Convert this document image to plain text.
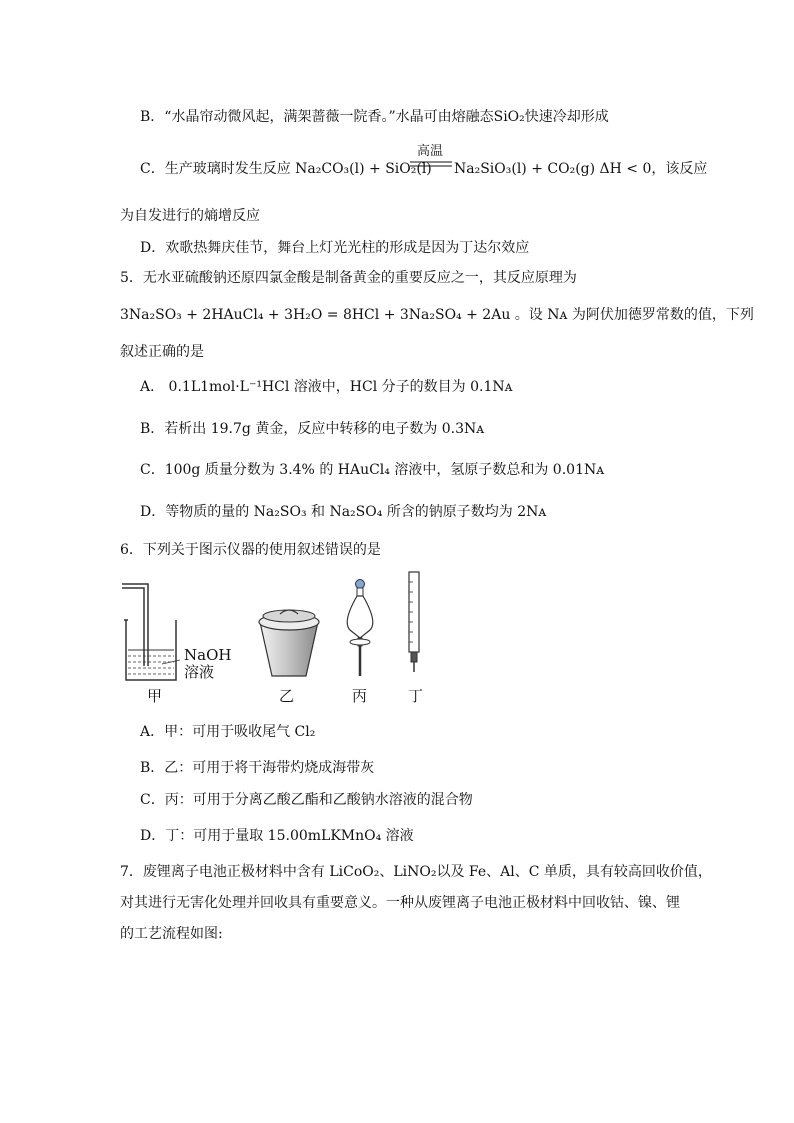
B．“水晶帘动微风起，满架蔷薇一院香。”水晶可由熔融态SiO₂快速冷却形成
C．生产玻璃时发生反应 Na₂CO₃(l) + SiO₂(l)
高温
Na₂SiO₃(l) + CO₂(g) ΔH < 0，该反应
为自发进行的熵增反应
D．欢歌热舞庆佳节，舞台上灯光光柱的形成是因为丁达尔效应
5．无水亚硫酸钠还原四氯金酸是制备黄金的重要反应之一，其反应原理为
3Na₂SO₃ + 2HAuCl₄ + 3H₂O = 8HCl + 3Na₂SO₄ + 2Au 。设 Nᴀ 为阿伏加德罗常数的值，下列
叙述正确的是
A． 0.1L1mol·L⁻¹HCl 溶液中，HCl 分子的数目为 0.1Nᴀ
B．若析出 19.7g 黄金，反应中转移的电子数为 0.3Nᴀ
C．100g 质量分数为 3.4% 的 HAuCl₄ 溶液中，氢原子数总和为 0.01Nᴀ
D．等物质的量的 Na₂SO₃ 和 Na₂SO₄ 所含的钠原子数均为 2Nᴀ
6．下列关于图示仪器的使用叙述错误的是
NaOH
溶液
甲	乙	丙	丁
A．甲：可用于吸收尾气 Cl₂
B．乙：可用于将干海带灼烧成海带灰
C．丙：可用于分离乙酸乙酯和乙酸钠水溶液的混合物
D．丁：可用于量取 15.00mLKMnO₄ 溶液
7．废锂离子电池正极材料中含有 LiCoO₂、LiNO₂以及 Fe、Al、C 单质，具有较高回收价值，
对其进行无害化处理并回收具有重要意义。一种从废锂离子电池正极材料中回收钴、镍、锂
的工艺流程如图:
